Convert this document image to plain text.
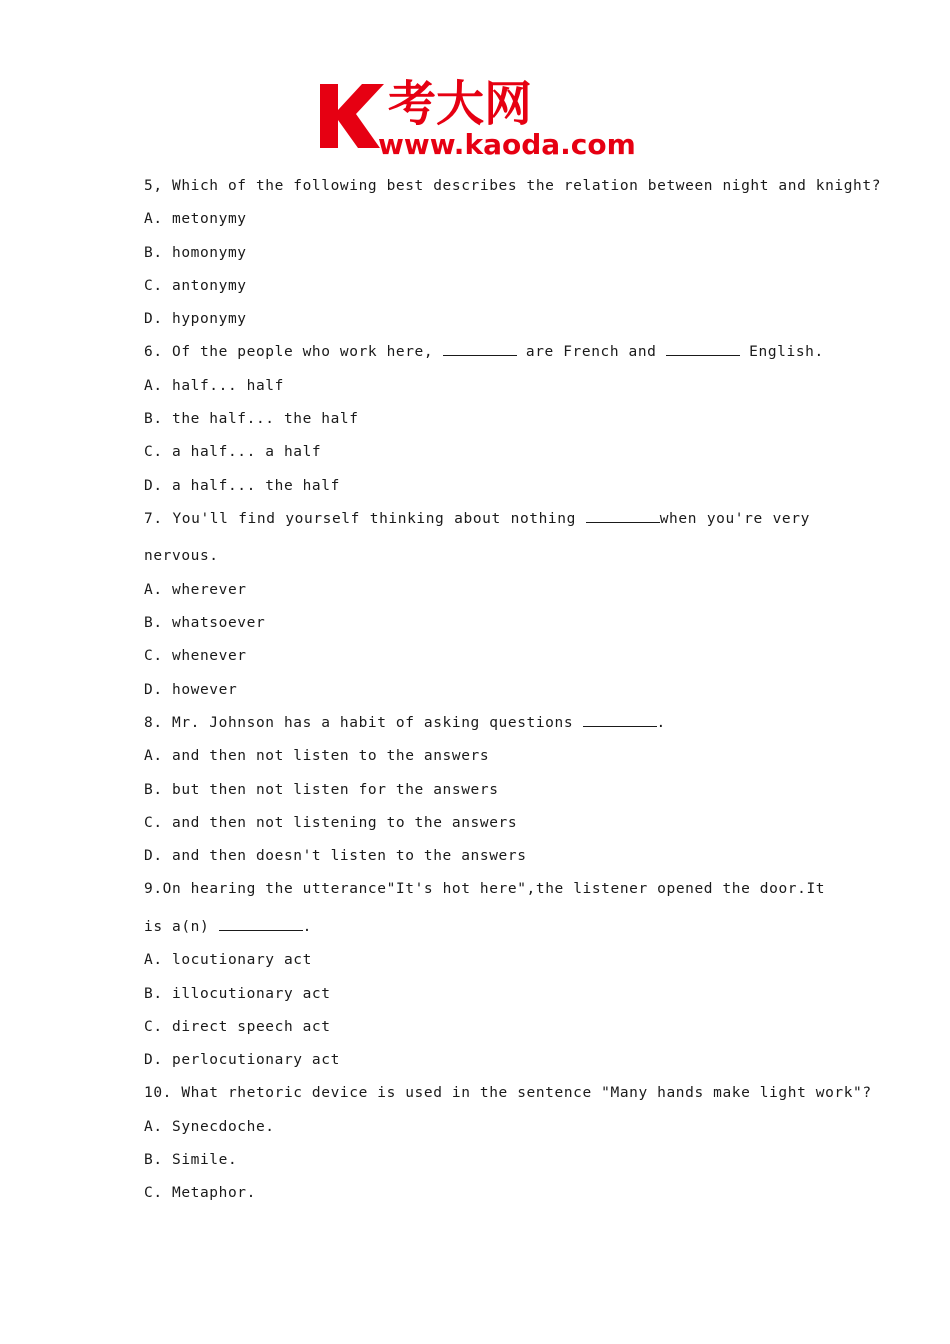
考大网
www.kaoda.com
5, Which of the following best describes the relation between night and knight?
A. metonymy
B. homonymy
C. antonymy
D. hyponymy
6. Of the people who work here,	are French and	English.
A. half... half
B. the half... the half
C. a half... a half
D. a half... the half
7. You'll find yourself thinking about nothing	when you're very
nervous.
A. wherever
B. whatsoever
C. whenever
D. however
8. Mr. Johnson has a habit of asking questions	.
A. and then not listen to the answers
B. but then not listen for the answers
C. and then not listening to the answers
D. and then doesn't listen to the answers
9. On hearing the utterance "It's hot here", the listener opened the door. It
is a(n)	.
A. locutionary act
B. illocutionary act
C. direct speech act
D. perlocutionary act
10. What rhetoric device is used in the sentence "Many hands make light work"?
A. Synecdoche.
B. Simile.
C. Metaphor.
